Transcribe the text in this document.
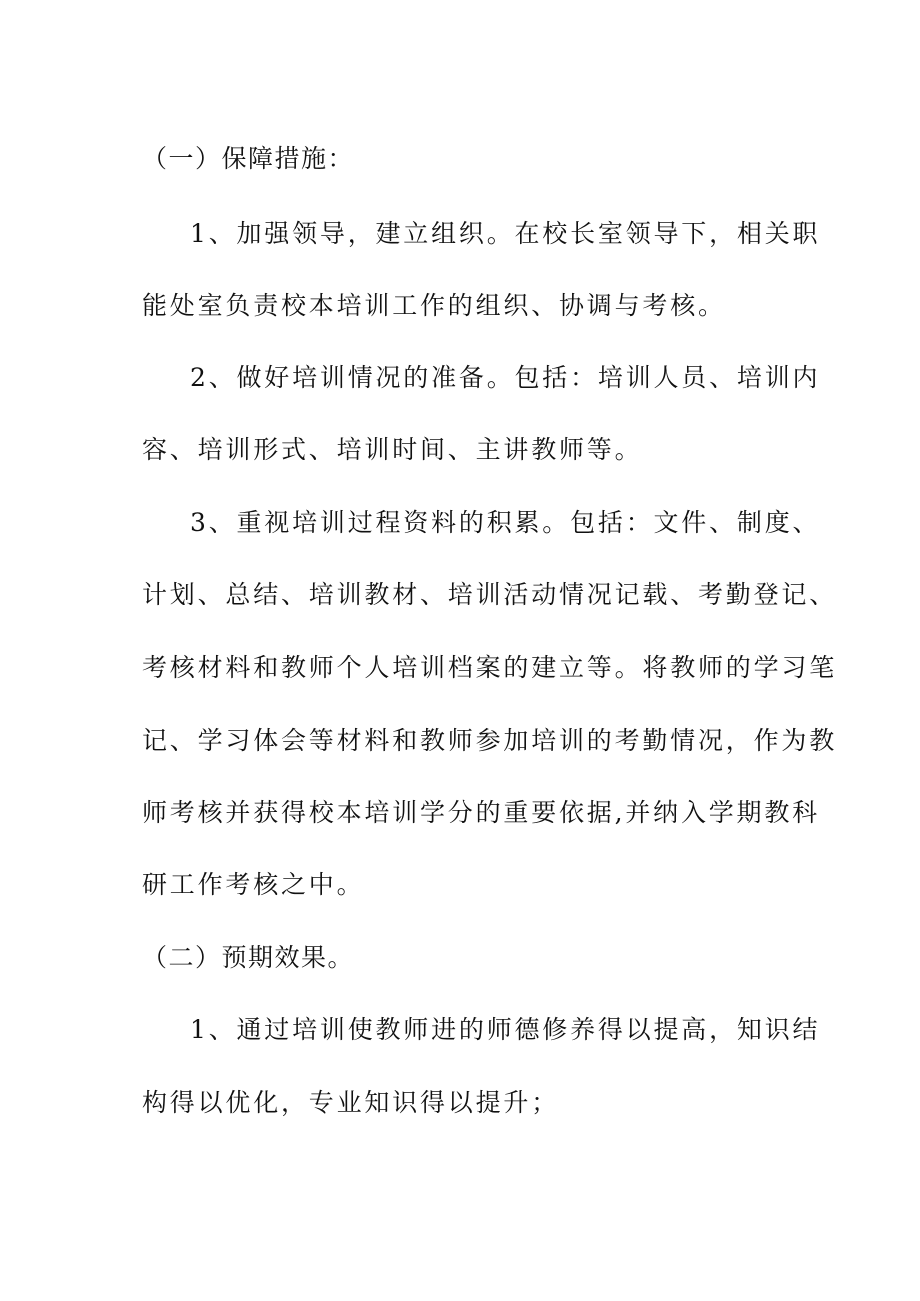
（一）保障措施：

1、加强领导，建立组织。在校长室领导下，相关职

能处室负责校本培训工作的组织、协调与考核。

2、做好培训情况的准备。包括：培训人员、培训内

容、培训形式、培训时间、主讲教师等。

3、重视培训过程资料的积累。包括：文件、制度、

计划、总结、培训教材、培训活动情况记载、考勤登记、

考核材料和教师个人培训档案的建立等。将教师的学习笔

记、学习体会等材料和教师参加培训的考勤情况，作为教

师考核并获得校本培训学分的重要依据,并纳入学期教科

研工作考核之中。

（二）预期效果。

1、通过培训使教师进的师德修养得以提高，知识结

构得以优化，专业知识得以提升；
